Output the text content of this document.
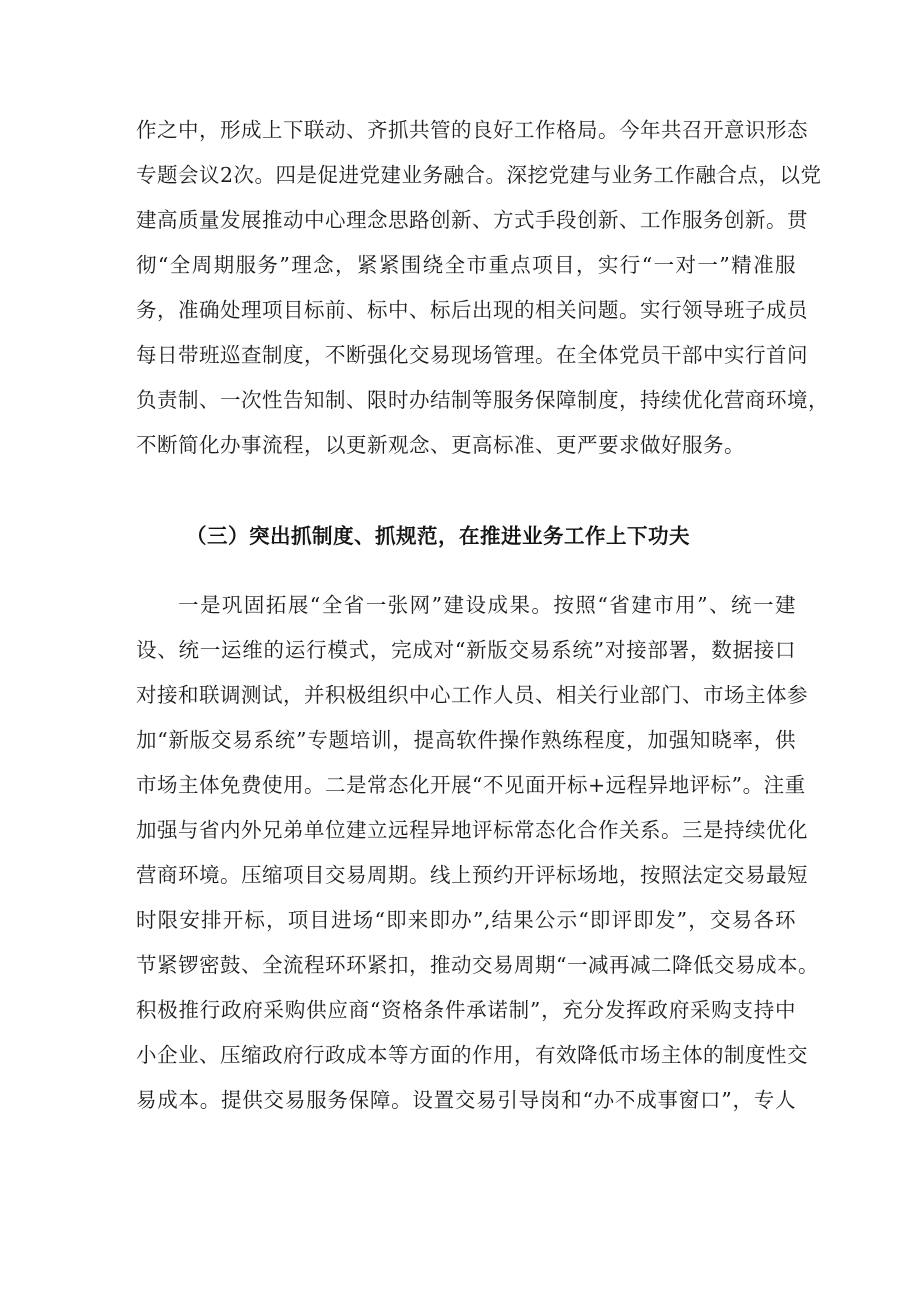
作之中，形成上下联动、齐抓共管的良好工作格局。今年共召开意识形态
专题会议2次。四是促进党建业务融合。深挖党建与业务工作融合点，以党
建高质量发展推动中心理念思路创新、方式手段创新、工作服务创新。贯
彻“全周期服务”理念，紧紧围绕全市重点项目，实行“一对一”精准服
务，准确处理项目标前、标中、标后出现的相关问题。实行领导班子成员
每日带班巡查制度，不断强化交易现场管理。在全体党员干部中实行首问
负责制、一次性告知制、限时办结制等服务保障制度，持续优化营商环境，
不断简化办事流程，以更新观念、更高标准、更严要求做好服务。
（三）突出抓制度、抓规范，在推进业务工作上下功夫
一是巩固拓展“全省一张网”建设成果。按照“省建市用”、统一建
设、统一运维的运行模式，完成对“新版交易系统”对接部署，数据接口
对接和联调测试，并积极组织中心工作人员、相关行业部门、市场主体参
加“新版交易系统”专题培训，提高软件操作熟练程度，加强知晓率，供
市场主体免费使用。二是常态化开展“不见面开标+远程异地评标”。注重
加强与省内外兄弟单位建立远程异地评标常态化合作关系。三是持续优化
营商环境。压缩项目交易周期。线上预约开评标场地，按照法定交易最短
时限安排开标，项目进场“即来即办”,结果公示“即评即发”，交易各环
节紧锣密鼓、全流程环环紧扣，推动交易周期“一减再减二降低交易成本。
积极推行政府采购供应商“资格条件承诺制”，充分发挥政府采购支持中
小企业、压缩政府行政成本等方面的作用，有效降低市场主体的制度性交
易成本。提供交易服务保障。设置交易引导岗和“办不成事窗口”，专人
